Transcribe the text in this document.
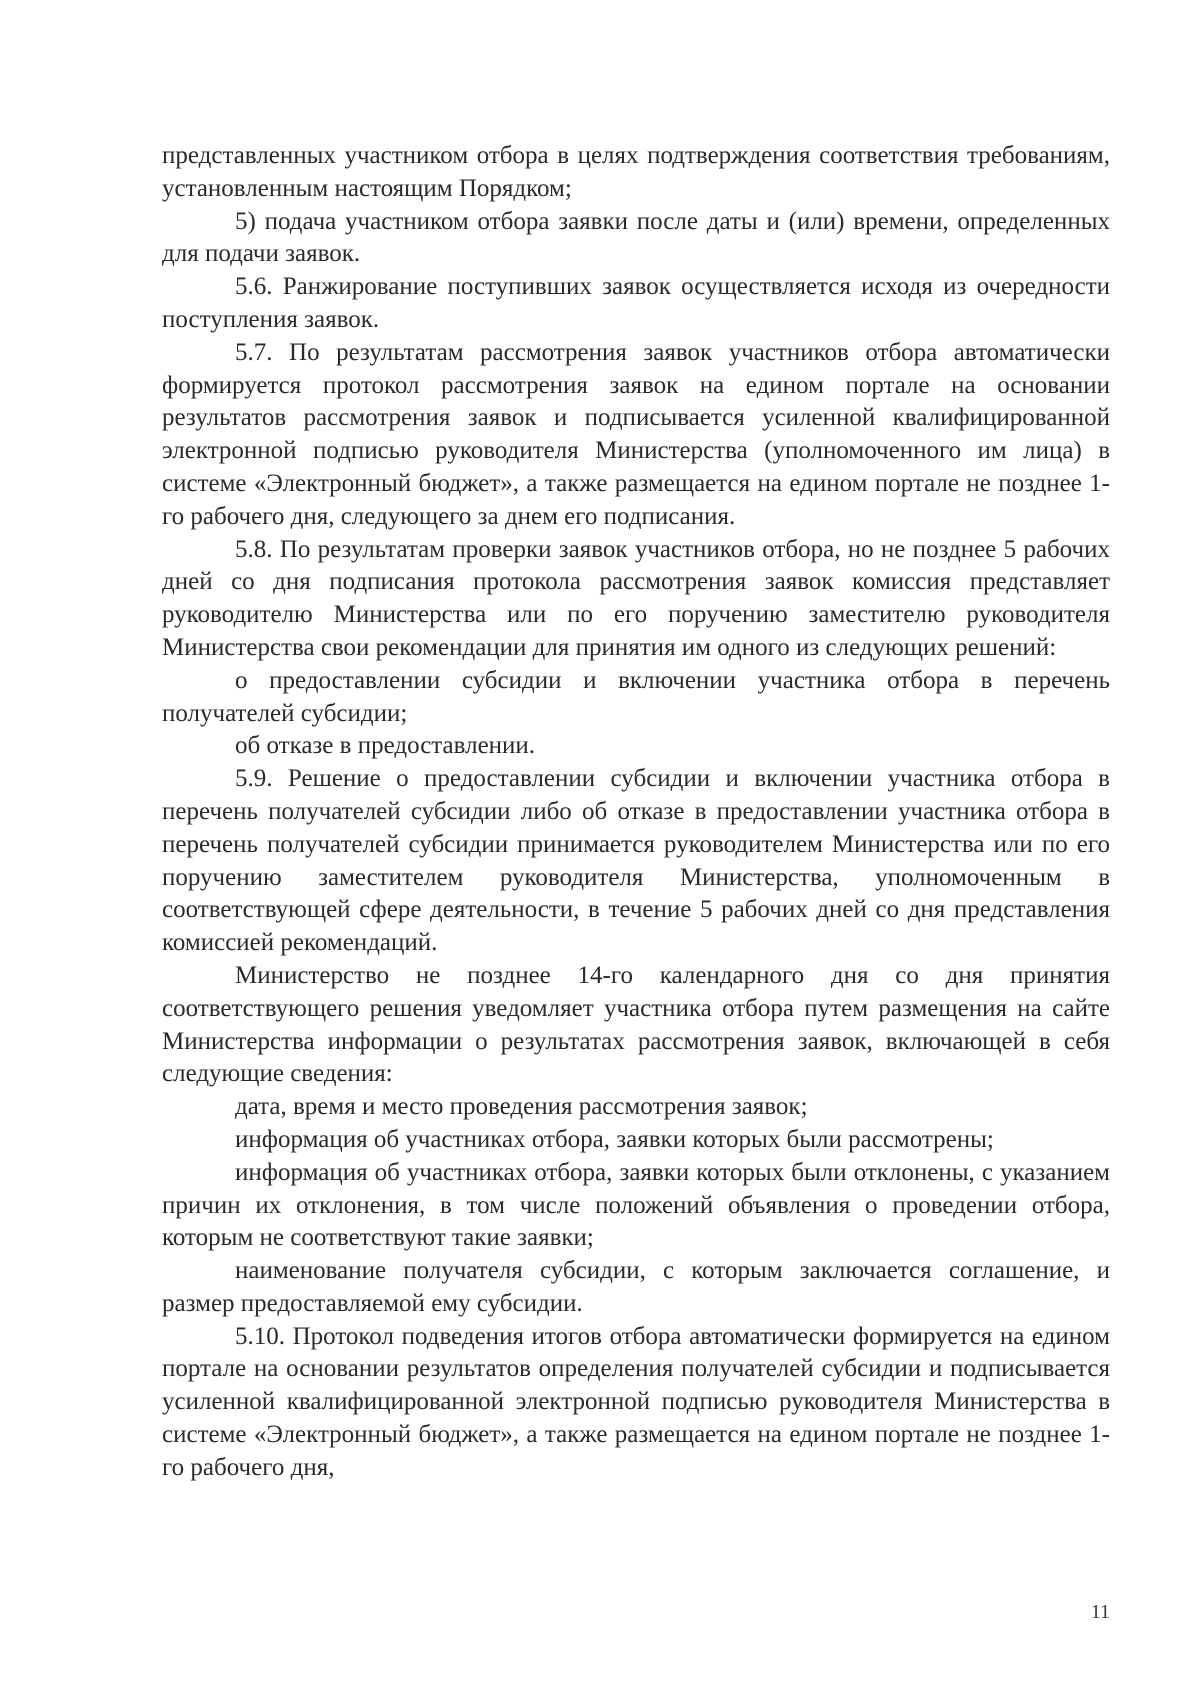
представленных участником отбора в целях подтверждения соответствия требованиям, установленным настоящим Порядком;

5) подача участником отбора заявки после даты и (или) времени, определенных для подачи заявок.

5.6. Ранжирование поступивших заявок осуществляется исходя из очередности поступления заявок.

5.7. По результатам рассмотрения заявок участников отбора автоматически формируется протокол рассмотрения заявок на едином портале на основании результатов рассмотрения заявок и подписывается усиленной квалифицированной электронной подписью руководителя Министерства (уполномоченного им лица) в системе «Электронный бюджет», а также размещается на едином портале не позднее 1-го рабочего дня, следующего за днем его подписания.

5.8. По результатам проверки заявок участников отбора, но не позднее 5 рабочих дней со дня подписания протокола рассмотрения заявок комиссия представляет руководителю Министерства или по его поручению заместителю руководителя Министерства свои рекомендации для принятия им одного из следующих решений:

о предоставлении субсидии и включении участника отбора в перечень получателей субсидии;

об отказе в предоставлении.

5.9. Решение о предоставлении субсидии и включении участника отбора в перечень получателей субсидии либо об отказе в предоставлении участника отбора в перечень получателей субсидии принимается руководителем Министерства или по его поручению заместителем руководителя Министерства, уполномоченным в соответствующей сфере деятельности, в течение 5 рабочих дней со дня представления комиссией рекомендаций.

Министерство не позднее 14-го календарного дня со дня принятия соответствующего решения уведомляет участника отбора путем размещения на сайте Министерства информации о результатах рассмотрения заявок, включающей в себя следующие сведения:

дата, время и место проведения рассмотрения заявок;

информация об участниках отбора, заявки которых были рассмотрены;

информация об участниках отбора, заявки которых были отклонены, с указанием причин их отклонения, в том числе положений объявления о проведении отбора, которым не соответствуют такие заявки;

наименование получателя субсидии, с которым заключается соглашение, и размер предоставляемой ему субсидии.

5.10. Протокол подведения итогов отбора автоматически формируется на едином портале на основании результатов определения получателей субсидии и подписывается усиленной квалифицированной электронной подписью руководителя Министерства в системе «Электронный бюджет», а также размещается на едином портале не позднее 1-го рабочего дня,

11
